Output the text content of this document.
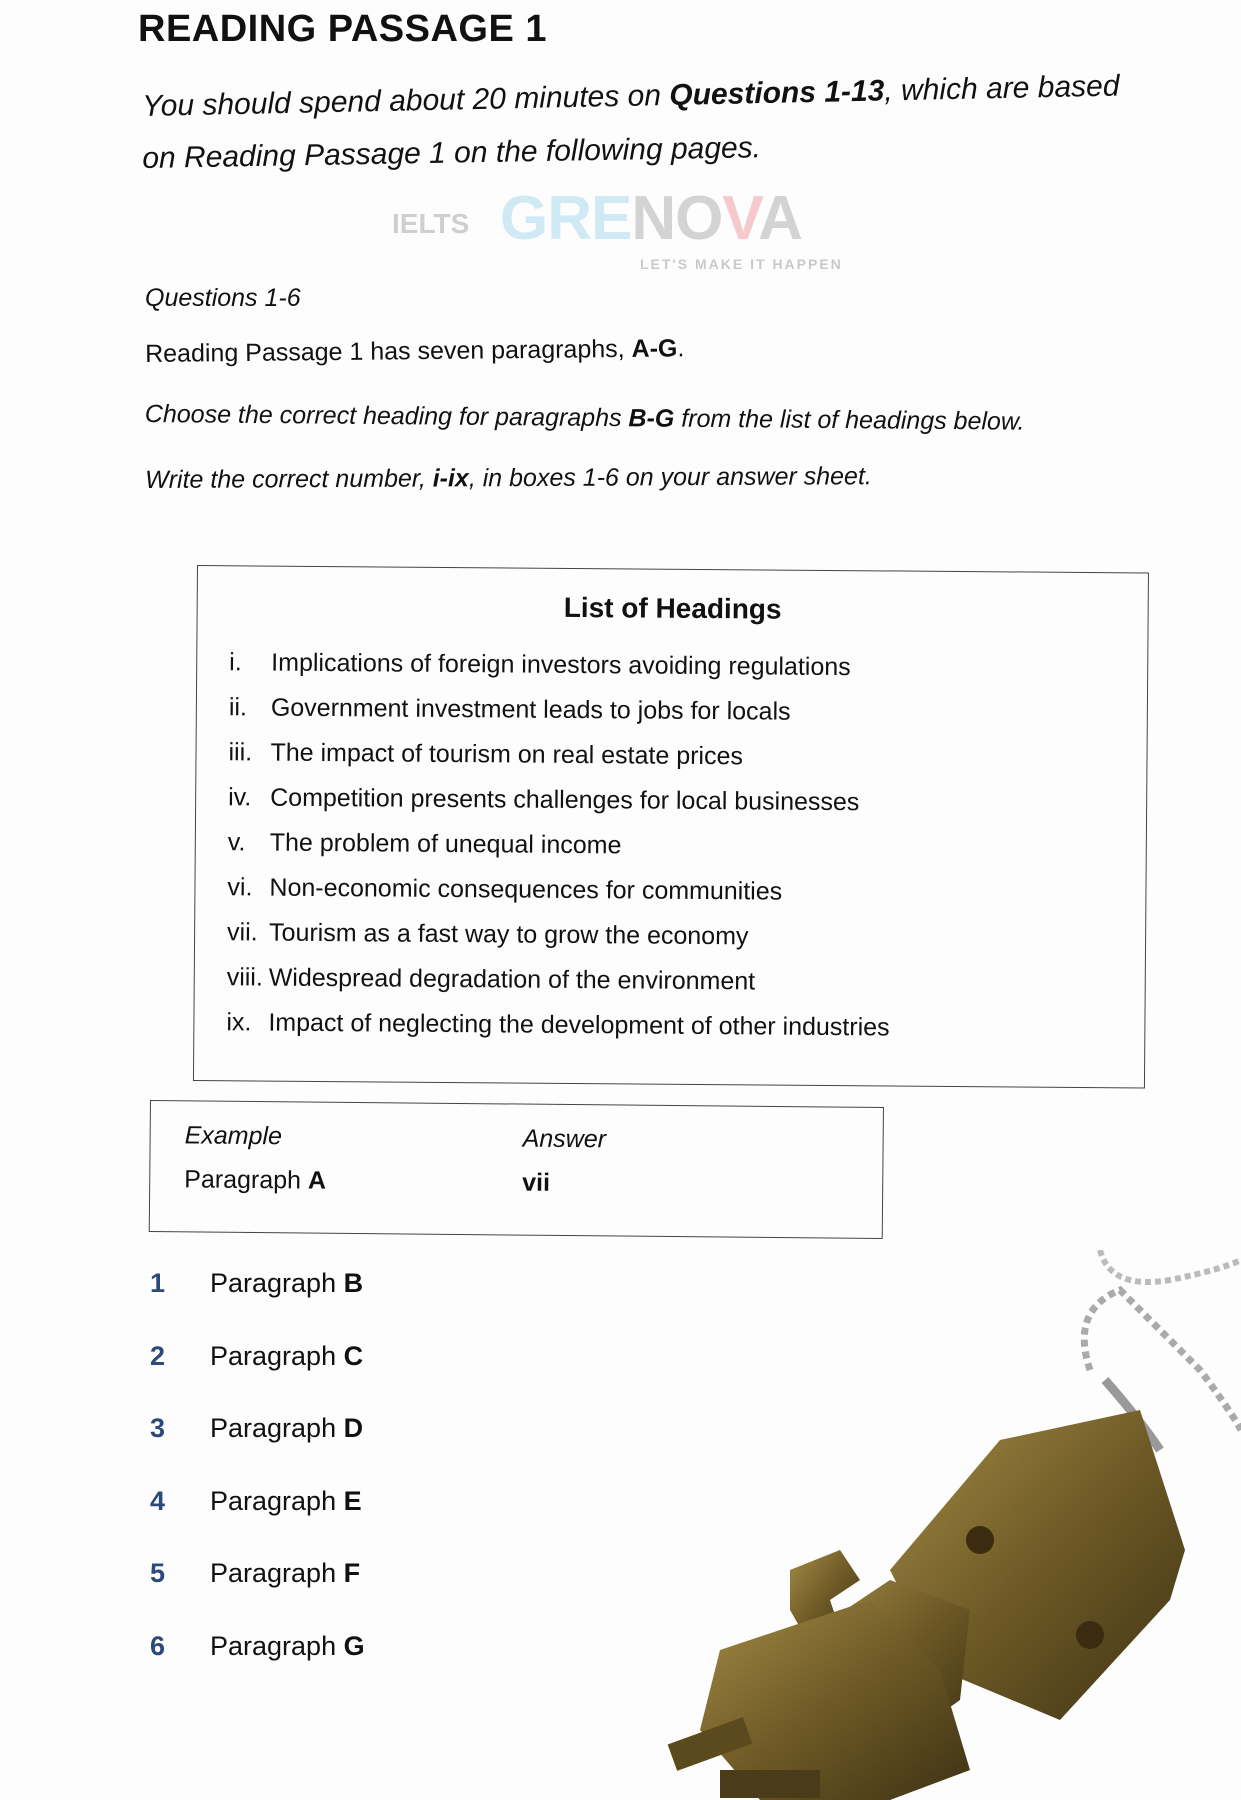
READING PASSAGE 1
You should spend about 20 minutes on Questions 1-13, which are based
on Reading Passage 1 on the following pages.
IELTS GRENOVA
LET'S MAKE IT HAPPEN
Questions 1-6
Reading Passage 1 has seven paragraphs, A-G.
Choose the correct heading for paragraphs B-G from the list of headings below.
Write the correct number, i-ix, in boxes 1-6 on your answer sheet.
List of Headings
i. Implications of foreign investors avoiding regulations
ii. Government investment leads to jobs for locals
iii. The impact of tourism on real estate prices
iv. Competition presents challenges for local businesses
v. The problem of unequal income
vi. Non-economic consequences for communities
vii. Tourism as a fast way to grow the economy
viii. Widespread degradation of the environment
ix. Impact of neglecting the development of other industries
Example	Answer
Paragraph A	vii
1 Paragraph B
2 Paragraph C
3 Paragraph D
4 Paragraph E
5 Paragraph F
6 Paragraph G
